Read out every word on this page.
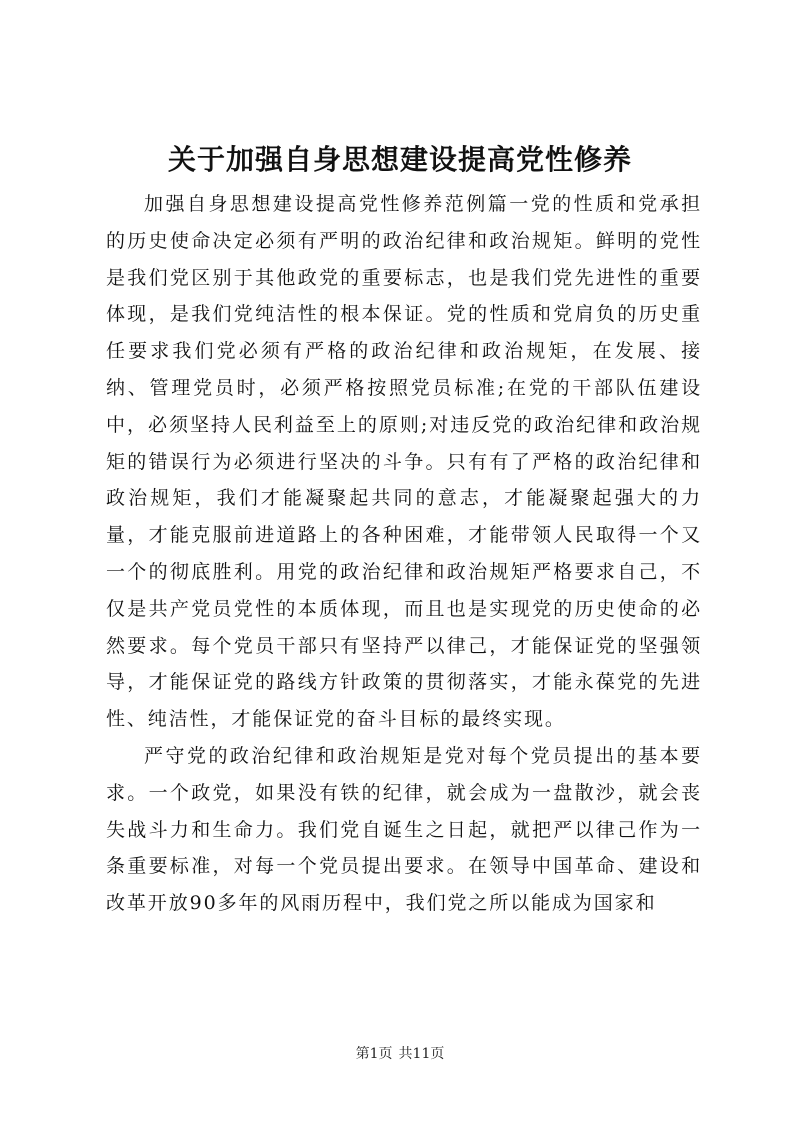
关于加强自身思想建设提高党性修养

加强自身思想建设提高党性修养范例篇一党的性质和党承担的历史使命决定必须有严明的政治纪律和政治规矩。鲜明的党性是我们党区别于其他政党的重要标志，也是我们党先进性的重要体现，是我们党纯洁性的根本保证。党的性质和党肩负的历史重任要求我们党必须有严格的政治纪律和政治规矩，在发展、接纳、管理党员时，必须严格按照党员标准;在党的干部队伍建设中，必须坚持人民利益至上的原则;对违反党的政治纪律和政治规矩的错误行为必须进行坚决的斗争。只有有了严格的政治纪律和政治规矩，我们才能凝聚起共同的意志，才能凝聚起强大的力量，才能克服前进道路上的各种困难，才能带领人民取得一个又一个的彻底胜利。用党的政治纪律和政治规矩严格要求自己，不仅是共产党员党性的本质体现，而且也是实现党的历史使命的必然要求。每个党员干部只有坚持严以律己，才能保证党的坚强领导，才能保证党的路线方针政策的贯彻落实，才能永葆党的先进性、纯洁性，才能保证党的奋斗目标的最终实现。

严守党的政治纪律和政治规矩是党对每个党员提出的基本要求。一个政党，如果没有铁的纪律，就会成为一盘散沙，就会丧失战斗力和生命力。我们党自诞生之日起，就把严以律己作为一条重要标准，对每一个党员提出要求。在领导中国革命、建设和改革开放90多年的风雨历程中，我们党之所以能成为国家和

第1页 共11页
